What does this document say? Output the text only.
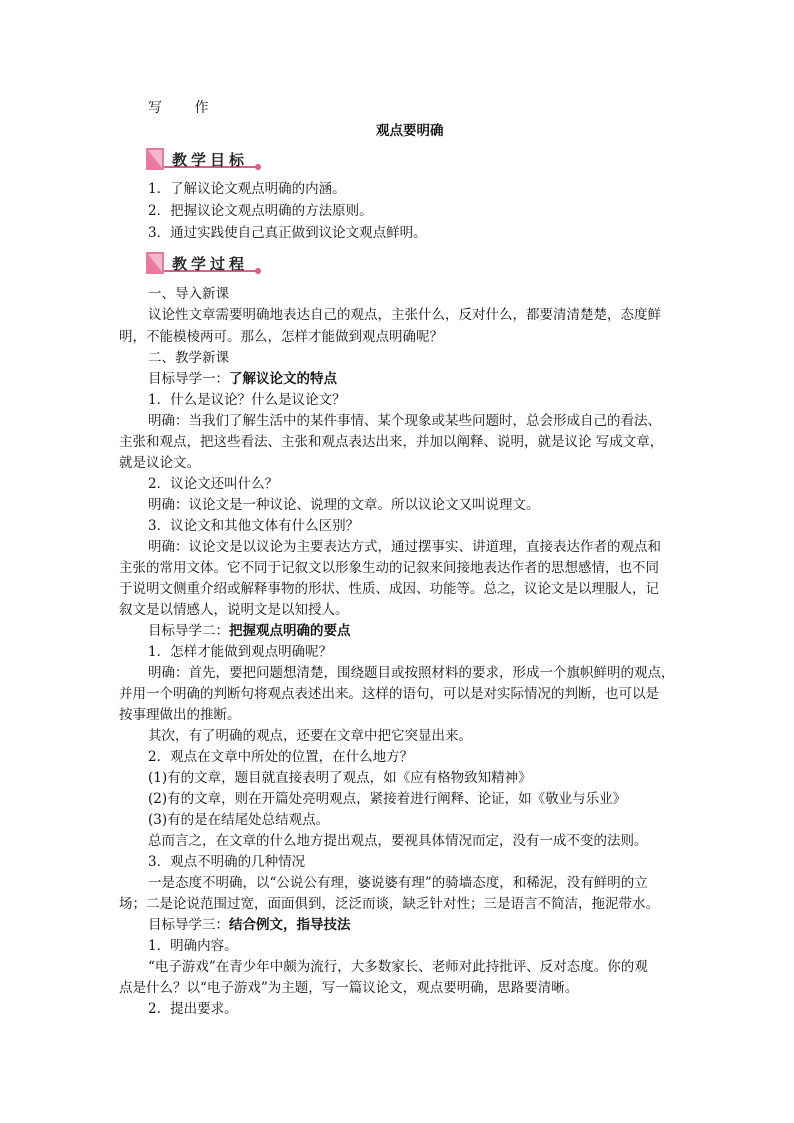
写 作
观点要明确
教学目标
1．了解议论文观点明确的内涵。
2．把握议论文观点明确的方法原则。
3．通过实践使自己真正做到议论文观点鲜明。
教学过程
一、导入新课
议论性文章需要明确地表达自己的观点，主张什么，反对什么，都要清清楚楚，态度鲜
明，不能模棱两可。那么，怎样才能做到观点明确呢？
二、教学新课
目标导学一：了解议论文的特点
1．什么是议论？什么是议论文？
明确：当我们了解生活中的某件事情、某个现象或某些问题时，总会形成自己的看法、
主张和观点，把这些看法、主张和观点表达出来，并加以阐释、说明，就是议论 写成文章，
就是议论文。
2．议论文还叫什么？
明确：议论文是一种议论、说理的文章。所以议论文又叫说理文。
3．议论文和其他文体有什么区别？
明确：议论文是以议论为主要表达方式，通过摆事实、讲道理，直接表达作者的观点和
主张的常用文体。它不同于记叙文以形象生动的记叙来间接地表达作者的思想感情，也不同
于说明文侧重介绍或解释事物的形状、性质、成因、功能等。总之，议论文是以理服人，记
叙文是以情感人，说明文是以知授人。
目标导学二：把握观点明确的要点
1．怎样才能做到观点明确呢？
明确：首先，要把问题想清楚，围绕题目或按照材料的要求，形成一个旗帜鲜明的观点，
并用一个明确的判断句将观点表述出来。这样的语句，可以是对实际情况的判断，也可以是
按事理做出的推断。
其次，有了明确的观点，还要在文章中把它突显出来。
2．观点在文章中所处的位置，在什么地方？
(1)有的文章，题目就直接表明了观点，如《应有格物致知精神》
(2)有的文章，则在开篇处亮明观点，紧接着进行阐释、论证，如《敬业与乐业》
(3)有的是在结尾处总结观点。
总而言之，在文章的什么地方提出观点，要视具体情况而定，没有一成不变的法则。
3．观点不明确的几种情况
一是态度不明确，以“公说公有理，婆说婆有理”的骑墙态度，和稀泥，没有鲜明的立
场；二是论说范围过宽，面面俱到，泛泛而谈，缺乏针对性；三是语言不简洁，拖泥带水。
目标导学三：结合例文，指导技法
1．明确内容。
“电子游戏”在青少年中颇为流行，大多数家长、老师对此持批评、反对态度。你的观
点是什么？以“电子游戏”为主题，写一篇议论文，观点要明确，思路要清晰。
2．提出要求。
